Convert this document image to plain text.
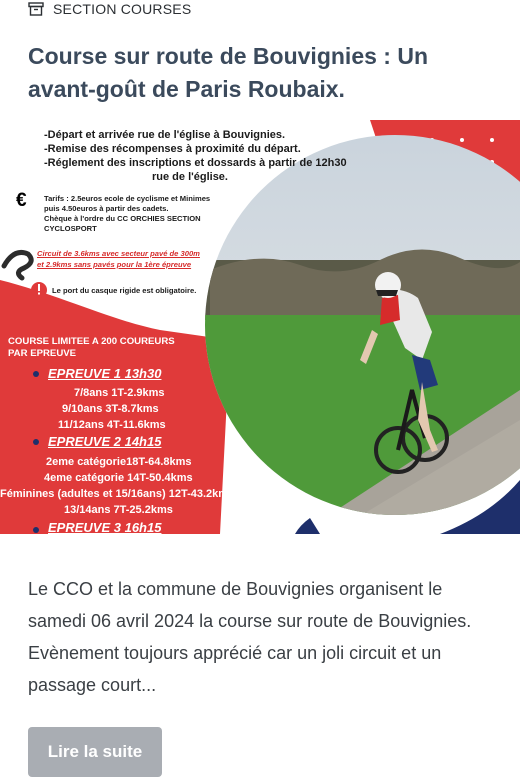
SECTION COURSES
Course sur route de Bouvignies : Un avant-goût de Paris Roubaix.
-Départ et arrivée rue de l'église à Bouvignies.
-Remise des récompenses à proximité du départ.
-Réglement des inscriptions et dossards à partir de 12h30
rue de l'église.
€ Tarifs : 2.5euros ecole de cyclisme et Minimes
puis 4.50euros à partir des cadets.
Chèque à l'ordre du CC ORCHIES SECTION
CYCLOSPORT
Circuit de 3.6kms avec secteur pavé de 300m
et 2.9kms sans pavés pour la 1ère épreuve
Le port du casque rigide est obligatoire.
COURSE LIMITEE A 200 COUREURS
PAR EPREUVE
EPREUVE 1 13h30
7/8ans 1T-2.9kms
9/10ans 3T-8.7kms
11/12ans 4T-11.6kms
EPREUVE 2 14h15
2eme catégorie18T-64.8kms
4eme catégorie 14T-50.4kms
Féminines (adultes et 15/16ans) 12T-43.2kms
13/14ans 7T-25.2kms
EPREUVE 3 16h15

Le CCO et la commune de Bouvignies organisent le samedi 06 avril 2024 la course sur route de Bouvignies. Evènement toujours apprécié car un joli circuit et un passage court...

Lire la suite
